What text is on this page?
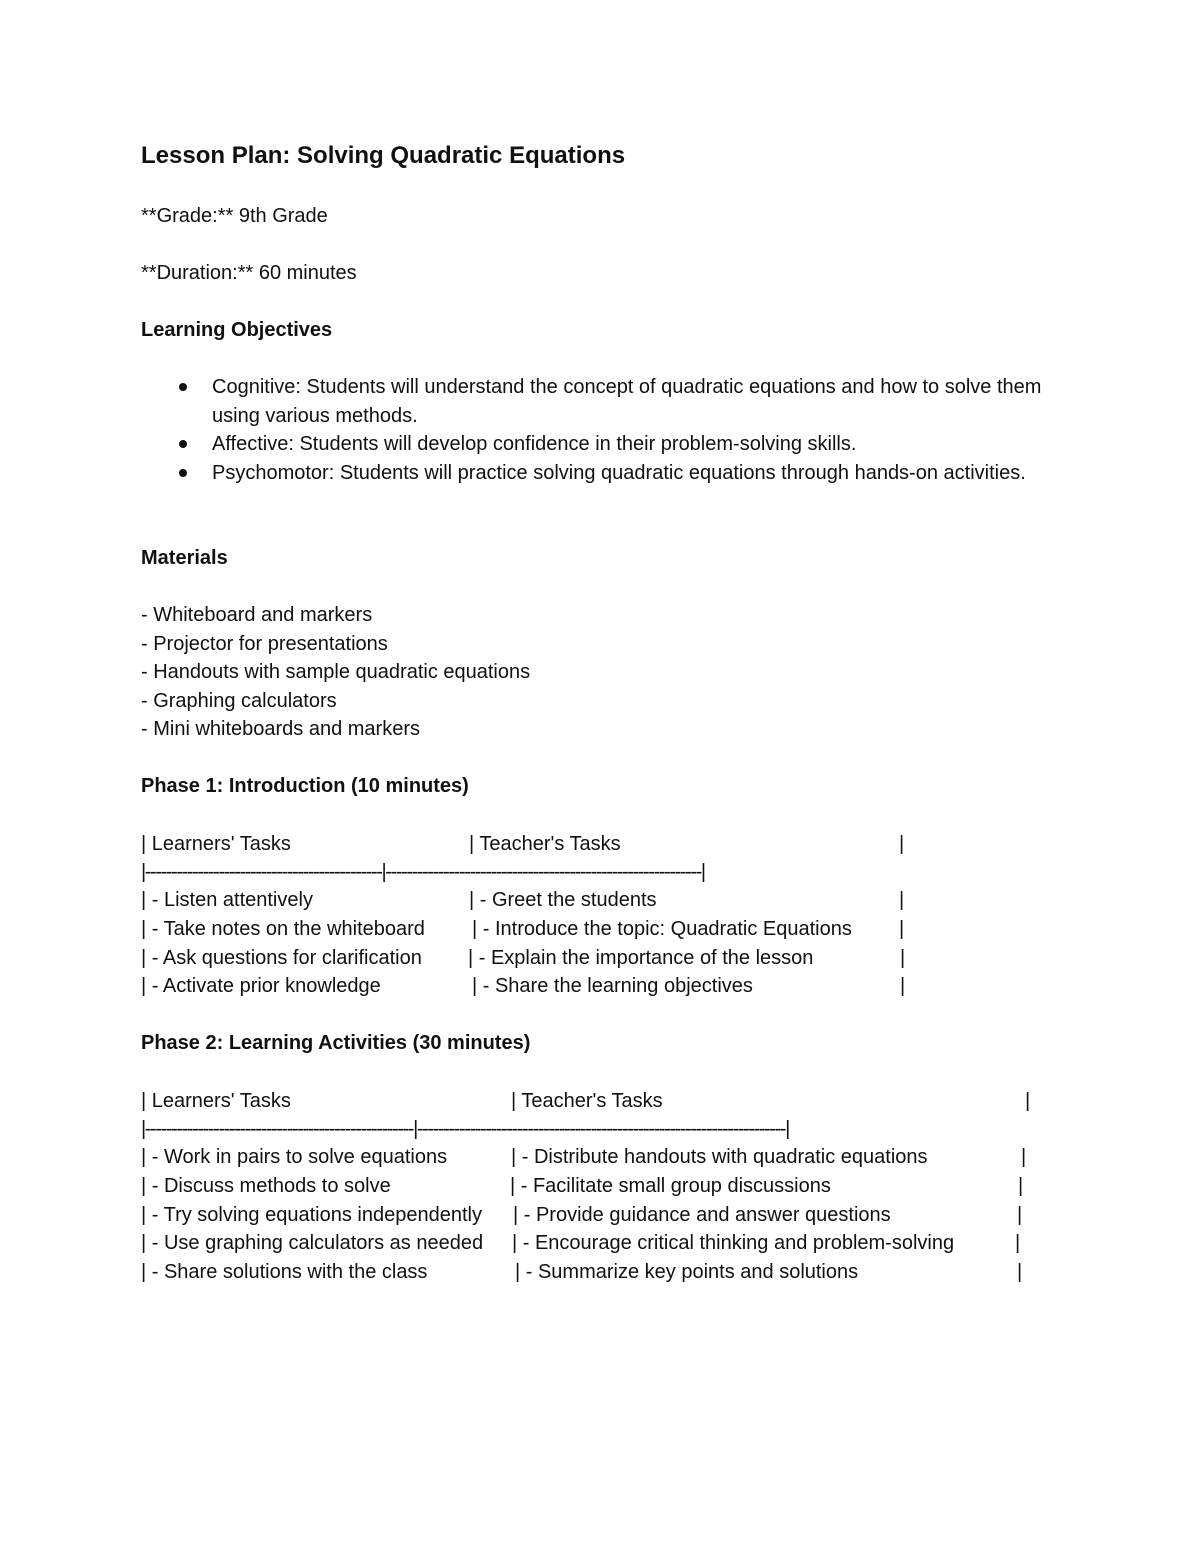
Lesson Plan: Solving Quadratic Equations

**Grade:** 9th Grade

**Duration:** 60 minutes

Learning Objectives
Cognitive: Students will understand the concept of quadratic equations and how to solve them using various methods.
Affective: Students will develop confidence in their problem-solving skills.
Psychomotor: Students will practice solving quadratic equations through hands-on activities.
Materials

- Whiteboard and markers

- Projector for presentations

- Handouts with sample quadratic equations

- Graphing calculators

- Mini whiteboards and markers

Phase 1: Introduction (10 minutes)
| Learners' Tasks	| Teacher's Tasks	|
|---------------------------------------------|------------------------------------------------------------|
| - Listen attentively	| - Greet the students	|
| - Take notes on the whiteboard | - Introduce the topic: Quadratic Equations |
| - Ask questions for clarification | - Explain the importance of the lesson	|
| - Activate prior knowledge	| - Share the learning objectives	|
Phase 2: Learning Activities (30 minutes)
| Learners' Tasks	| Teacher's Tasks	|
|---------------------------------------------------|----------------------------------------------------------------------|
| - Work in pairs to solve equations	| - Distribute handouts with quadratic equations	|
| - Discuss methods to solve	| - Facilitate small group discussions	|
| - Try solving equations independently | - Provide guidance and answer questions	|
| - Use graphing calculators as needed | - Encourage critical thinking and problem-solving	|
| - Share solutions with the class	| - Summarize key points and solutions	|
